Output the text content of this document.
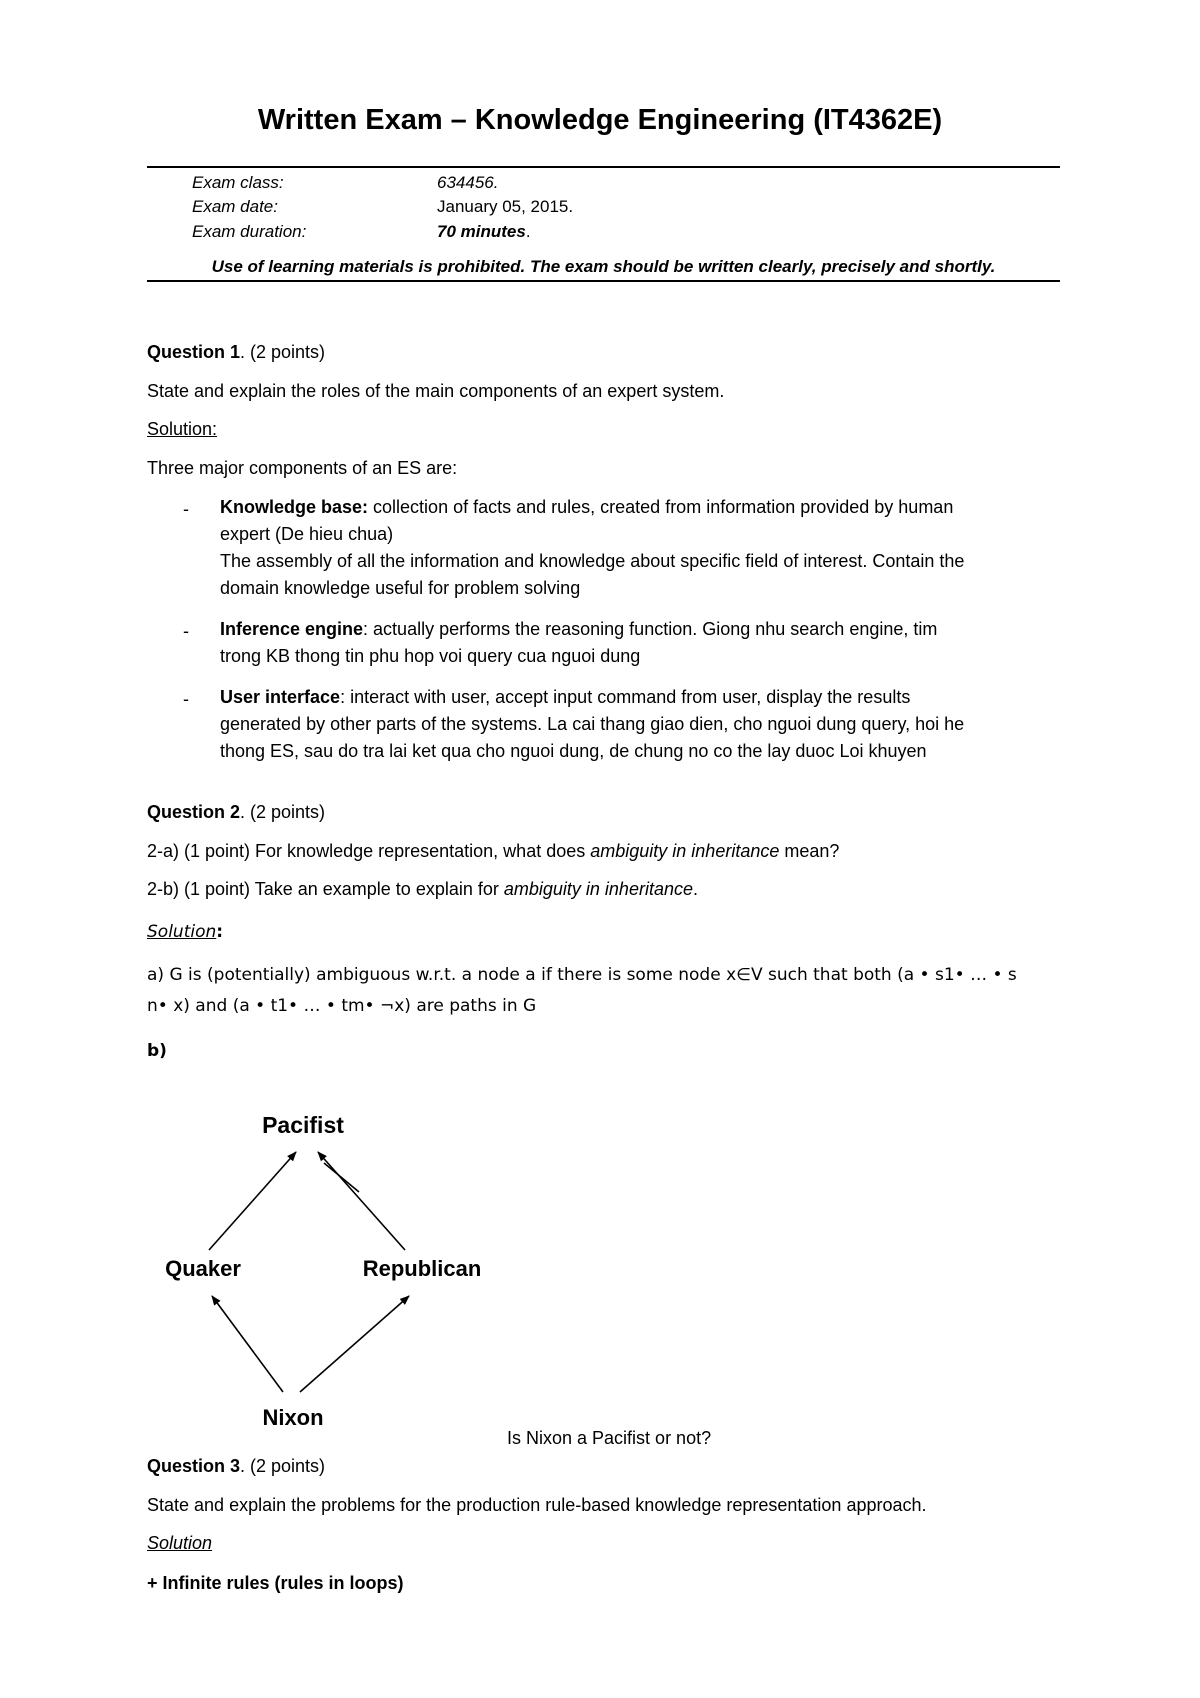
Written Exam – Knowledge Engineering (IT4362E)
Exam class:	634456.
Exam date:	January 05, 2015.
Exam duration:	70 minutes.
Use of learning materials is prohibited. The exam should be written clearly, precisely and shortly.
Question 1. (2 points)
State and explain the roles of the main components of an expert system.
Solution:
Three major components of an ES are:
- Knowledge base: collection of facts and rules, created from information provided by human
expert (De hieu chua)
The assembly of all the information and knowledge about specific field of interest. Contain the
domain knowledge useful for problem solving
- Inference engine: actually performs the reasoning function. Giong nhu search engine, tim
trong KB thong tin phu hop voi query cua nguoi dung
- User interface: interact with user, accept input command from user, display the results
generated by other parts of the systems. La cai thang giao dien, cho nguoi dung query, hoi he
thong ES, sau do tra lai ket qua cho nguoi dung, de chung no co the lay duoc Loi khuyen
Question 2. (2 points)
2-a) (1 point) For knowledge representation, what does ambiguity in inheritance mean?
2-b) (1 point) Take an example to explain for ambiguity in inheritance.
Solution:
a) G is (potentially) ambiguous w.r.t. a node a if there is some node x∈V such that both (a • s1• … • s
n• x) and (a • t1• … • tm• ¬x) are paths in G
b)
Pacifist
Quaker	Republican
Nixon
Is Nixon a Pacifist or not?
Question 3. (2 points)
State and explain the problems for the production rule-based knowledge representation approach.
Solution
+ Infinite rules (rules in loops)
